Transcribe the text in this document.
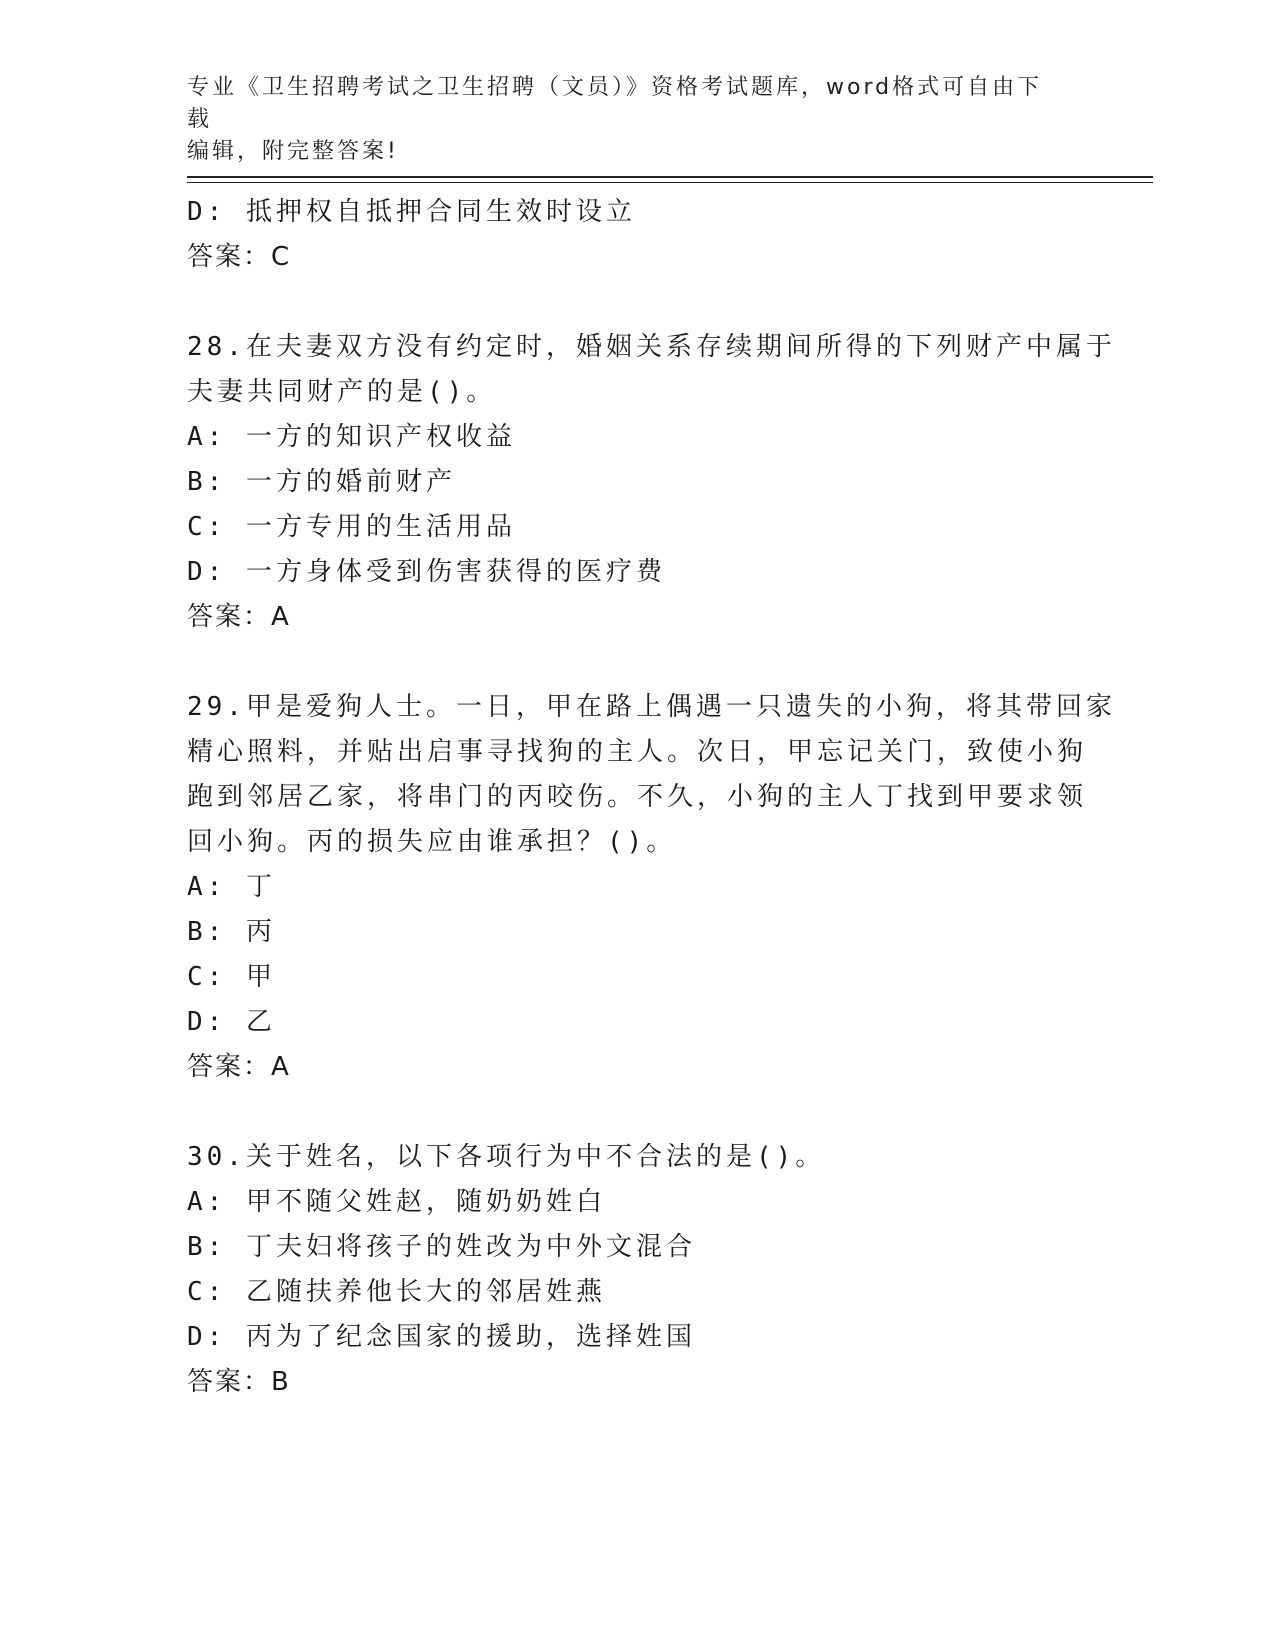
专业《卫生招聘考试之卫生招聘（文员）》资格考试题库，word格式可自由下载
编辑，附完整答案!
D: 抵押权自抵押合同生效时设立
答案：C
28.在夫妻双方没有约定时，婚姻关系存续期间所得的下列财产中属于
夫妻共同财产的是()。
A: 一方的知识产权收益
B: 一方的婚前财产
C: 一方专用的生活用品
D: 一方身体受到伤害获得的医疗费
答案：A
29.甲是爱狗人士。一日，甲在路上偶遇一只遗失的小狗，将其带回家
精心照料，并贴出启事寻找狗的主人。次日，甲忘记关门，致使小狗
跑到邻居乙家，将串门的丙咬伤。不久，小狗的主人丁找到甲要求领
回小狗。丙的损失应由谁承担？()。
A: 丁
B: 丙
C: 甲
D: 乙
答案：A
30.关于姓名，以下各项行为中不合法的是()。
A: 甲不随父姓赵，随奶奶姓白
B: 丁夫妇将孩子的姓改为中外文混合
C: 乙随扶养他长大的邻居姓燕
D: 丙为了纪念国家的援助，选择姓国
答案：B
